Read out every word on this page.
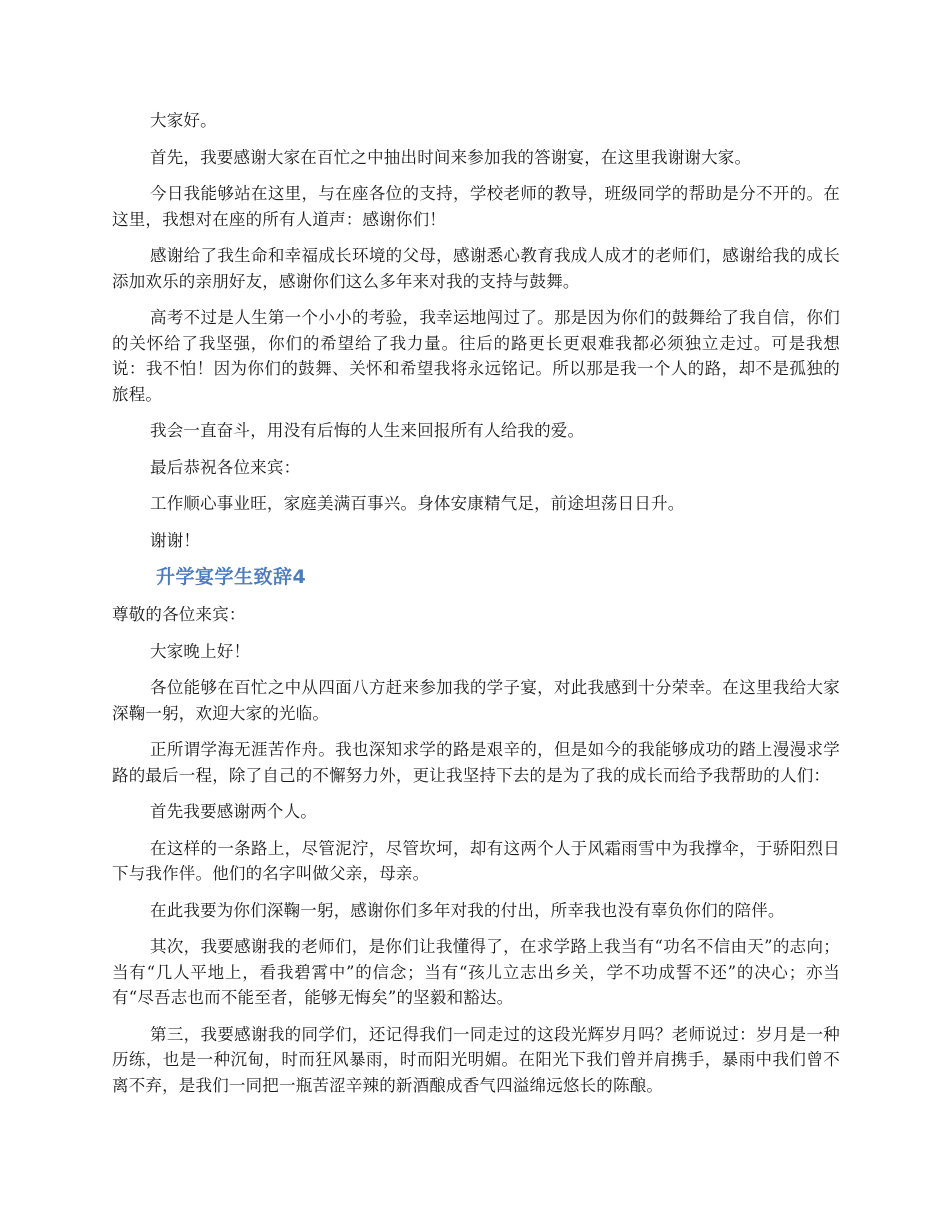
大家好。

首先，我要感谢大家在百忙之中抽出时间来参加我的答谢宴，在这里我谢谢大家。

今日我能够站在这里，与在座各位的支持，学校老师的教导，班级同学的帮助是分不开的。在这里，我想对在座的所有人道声：感谢你们！

感谢给了我生命和幸福成长环境的父母，感谢悉心教育我成人成才的老师们，感谢给我的成长添加欢乐的亲朋好友，感谢你们这么多年来对我的支持与鼓舞。

高考不过是人生第一个小小的考验，我幸运地闯过了。那是因为你们的鼓舞给了我自信，你们的关怀给了我坚强，你们的希望给了我力量。往后的路更长更艰难我都必须独立走过。可是我想说：我不怕！因为你们的鼓舞、关怀和希望我将永远铭记。所以那是我一个人的路，却不是孤独的旅程。

我会一直奋斗，用没有后悔的人生来回报所有人给我的爱。

最后恭祝各位来宾：

工作顺心事业旺，家庭美满百事兴。身体安康精气足，前途坦荡日日升。

谢谢！

升学宴学生致辞4

尊敬的各位来宾：

大家晚上好！

各位能够在百忙之中从四面八方赶来参加我的学子宴，对此我感到十分荣幸。在这里我给大家深鞠一躬，欢迎大家的光临。

正所谓学海无涯苦作舟。我也深知求学的路是艰辛的，但是如今的我能够成功的踏上漫漫求学路的最后一程，除了自己的不懈努力外，更让我坚持下去的是为了我的成长而给予我帮助的人们：

首先我要感谢两个人。

在这样的一条路上，尽管泥泞，尽管坎坷，却有这两个人于风霜雨雪中为我撑伞，于骄阳烈日下与我作伴。他们的名字叫做父亲，母亲。

在此我要为你们深鞠一躬，感谢你们多年对我的付出，所幸我也没有辜负你们的陪伴。

其次，我要感谢我的老师们，是你们让我懂得了，在求学路上我当有“功名不信由天”的志向；当有“几人平地上，看我碧霄中”的信念；当有“孩儿立志出乡关，学不功成誓不还”的决心；亦当有“尽吾志也而不能至者，能够无悔矣”的坚毅和豁达。

第三，我要感谢我的同学们，还记得我们一同走过的这段光辉岁月吗？老师说过：岁月是一种历练，也是一种沉甸，时而狂风暴雨，时而阳光明媚。在阳光下我们曾并肩携手，暴雨中我们曾不离不弃，是我们一同把一瓶苦涩辛辣的新酒酿成香气四溢绵远悠长的陈酿。
